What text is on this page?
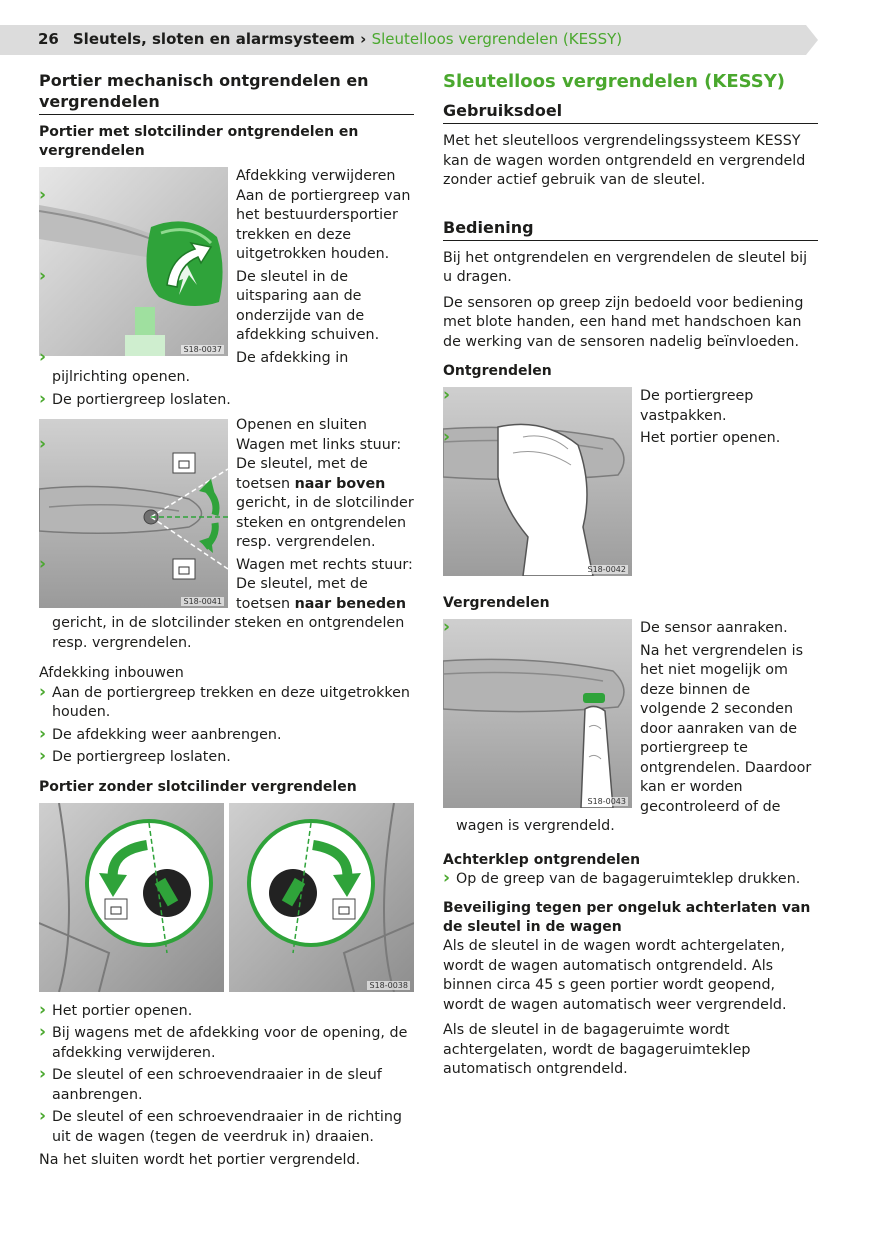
26 Sleutels, sloten en alarmsysteem › Sleutelloos vergrendelen (KESSY)
Portier mechanisch ontgrendelen en vergrendelen
Portier met slotcilinder ontgrendelen en vergrendelen
S18-0037

Afdekking verwijderen

› Aan de portiergreep van het bestuurdersportier trekken en deze uitgetrokken houden.
› De sleutel in de uitsparing aan de onderzijde van de afdekking schuiven.
› De afdekking in pijlrichting openen.
› De portiergreep loslaten.
S18-0041

Openen en sluiten

› Wagen met links stuur: De sleutel, met de toetsen naar boven gericht, in de slotcilinder steken en ontgrendelen resp. vergrendelen.
› Wagen met rechts stuur: De sleutel, met de toetsen naar beneden gericht, in de slotcilinder steken en ontgrendelen resp. vergrendelen.

Afdekking inbouwen

› Aan de portiergreep trekken en deze uitgetrokken houden.
› De afdekking weer aanbrengen.
› De portiergreep loslaten.
Portier zonder slotcilinder vergrendelen
S18-0038
› Het portier openen.
› Bij wagens met de afdekking voor de opening, de afdekking verwijderen.
› De sleutel of een schroevendraaier in de sleuf aanbrengen.
› De sleutel of een schroevendraaier in de richting uit de wagen (tegen de veerdruk in) draaien.

Na het sluiten wordt het portier vergrendeld.

Sleutelloos vergrendelen (KESSY)
Gebruiksdoel

Met het sleutelloos vergrendelingssysteem KESSY kan de wagen worden ontgrendeld en vergrendeld zonder actief gebruik van de sleutel.

Bediening

Bij het ontgrendelen en vergrendelen de sleutel bij u dragen.

De sensoren op greep zijn bedoeld voor bediening met blote handen, een hand met handschoen kan de werking van de sensoren nadelig beïnvloeden.

Ontgrendelen
S18-0042
› De portiergreep vastpakken.
› Het portier openen.
Vergrendelen
S18-0043
› De sensor aanraken.

Na het vergrendelen is het niet mogelijk om deze binnen de volgende 2 seconden door aanraken van de portiergreep te ontgrendelen. Daardoor kan er worden gecontroleerd of de wagen is vergrendeld.

Achterklep ontgrendelen
› Op de greep van de bagageruimteklep drukken.
Beveiliging tegen per ongeluk achterlaten van de sleutel in de wagen

Als de sleutel in de wagen wordt achtergelaten, wordt de wagen automatisch ontgrendeld. Als binnen circa 45 s geen portier wordt geopend, wordt de wagen automatisch weer vergrendeld.

Als de sleutel in de bagageruimte wordt achtergelaten, wordt de bagageruimteklep automatisch ontgrendeld.
